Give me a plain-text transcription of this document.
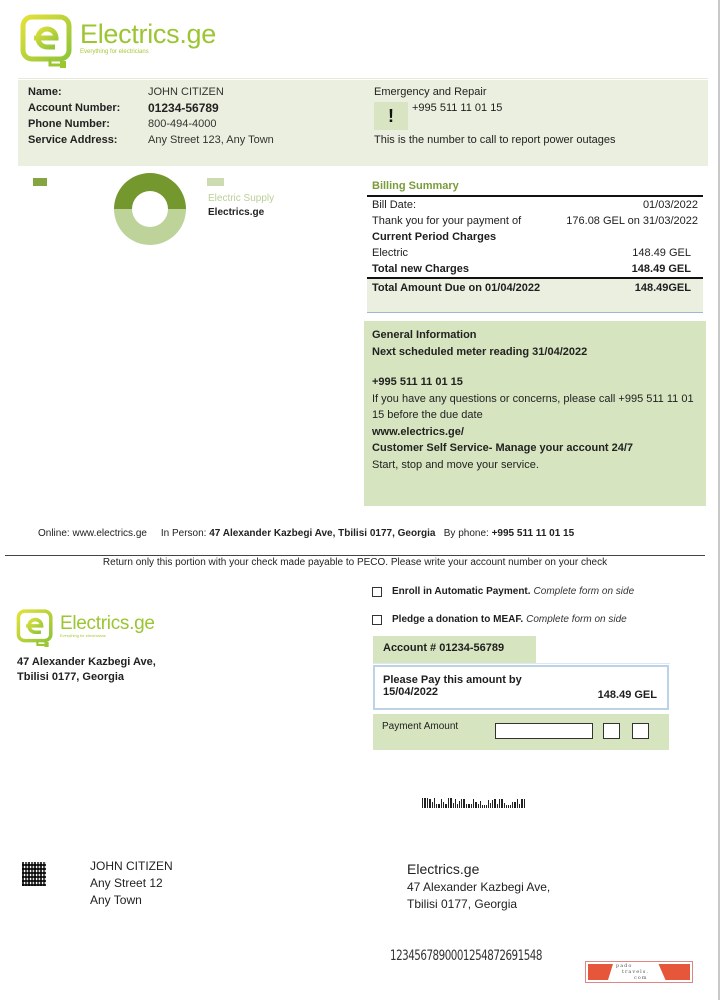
Electrics.ge
Everything for electricians
Name:	JOHN CITIZEN
Account Number:	01234-56789
Phone Number:	800-494-4000
Service Address:	Any Street 123, Any Town
Emergency and Repair
!	+995 511 11 01 15
This is the number to call to report power outages
Electric Supply
Electrics.ge
Billing Summary
Bill Date:	01/03/2022
Thank you for your payment of	176.08 GEL on 31/03/2022
Current Period Charges
Electric	148.49 GEL
Total new Charges	148.49 GEL
Total Amount Due on 01/04/2022	148.49GEL
General Information
Next scheduled meter reading 31/04/2022
+995 511 11 01 15
If you have any questions or concerns, please call +995 511 11 01 15 before the due date
www.electrics.ge/
Customer Self Service- Manage your account 24/7
Start, stop and move your service.
Online: www.electrics.ge In Person: 47 Alexander Kazbegi Ave, Tbilisi 0177, Georgia By phone: +995 511 11 01 15
Return only this portion with your check made payable to PECO. Please write your account number on your check
Electrics.ge
Everything for electricians
47 Alexander Kazbegi Ave,
Tbilisi 0177, Georgia
Enroll in Automatic Payment. Complete form on side
Pledge a donation to MEAF. Complete form on side
Account # 01234-56789
Please Pay this amount by
15/04/2022	148.49 GEL
Payment Amount
JOHN CITIZEN
Any Street 12
Any Town
Electrics.ge
47 Alexander Kazbegi Ave,
Tbilisi 0177, Georgia
1234567890001254872691548
pado
travels.
com
